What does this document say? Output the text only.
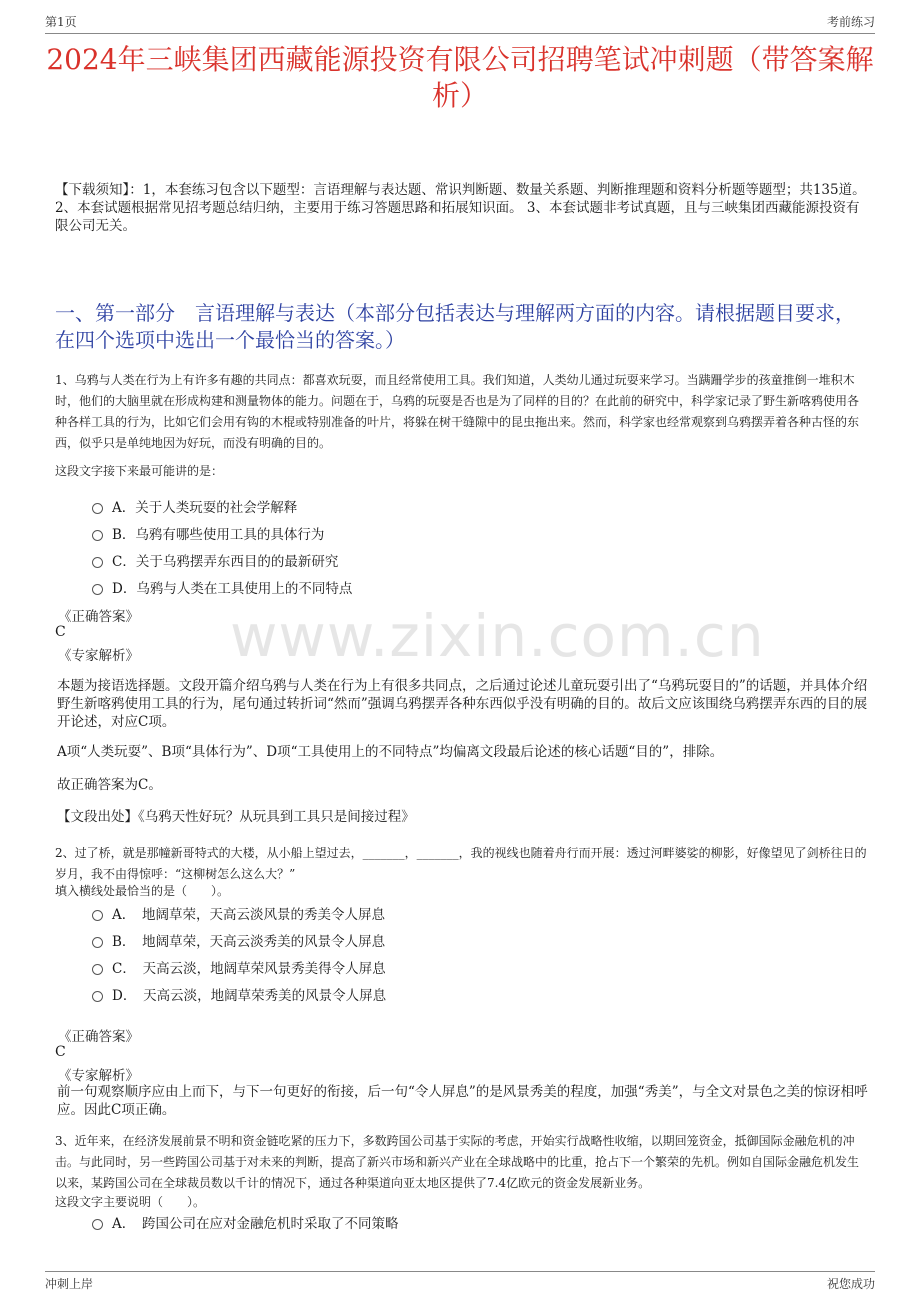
第1页	考前练习
2024年三峡集团西藏能源投资有限公司招聘笔试冲刺题（带答案解析）
【下载须知】：1，本套练习包含以下题型：言语理解与表达题、常识判断题、数量关系题、判断推理题和资料分析题等题型；共135道。 2、本套试题根据常见招考题总结归纳，主要用于练习答题思路和拓展知识面。 3、本套试题非考试真题，且与三峡集团西藏能源投资有限公司无关。
一、第一部分　言语理解与表达（本部分包括表达与理解两方面的内容。请根据题目要求，在四个选项中选出一个最恰当的答案。）
www.zixin.com.cn
1、乌鸦与人类在行为上有许多有趣的共同点：都喜欢玩耍，而且经常使用工具。我们知道，人类幼儿通过玩耍来学习。当蹒跚学步的孩童推倒一堆积木时，他们的大脑里就在形成构建和测量物体的能力。问题在于，乌鸦的玩耍是否也是为了同样的目的？在此前的研究中，科学家记录了野生新喀鸦使用各种各样工具的行为，比如它们会用有钩的木棍或特别准备的叶片，将躲在树干缝隙中的昆虫拖出来。然而，科学家也经常观察到乌鸦摆弄着各种古怪的东西，似乎只是单纯地因为好玩，而没有明确的目的。
这段文字接下来最可能讲的是：
A．关于人类玩耍的社会学解释
B．乌鸦有哪些使用工具的具体行为
C．关于乌鸦摆弄东西目的的最新研究
D．乌鸦与人类在工具使用上的不同特点
《正确答案》
C
《专家解析》
本题为接语选择题。文段开篇介绍乌鸦与人类在行为上有很多共同点，之后通过论述儿童玩耍引出了“乌鸦玩耍目的”的话题，并具体介绍野生新喀鸦使用工具的行为，尾句通过转折词“然而”强调乌鸦摆弄各种东西似乎没有明确的目的。故后文应该围绕乌鸦摆弄东西的目的展开论述，对应C项。
A项“人类玩耍”、B项“具体行为”、D项“工具使用上的不同特点”均偏离文段最后论述的核心话题“目的”，排除。
故正确答案为C。
【文段出处】《乌鸦天性好玩？从玩具到工具只是间接过程》
2、过了桥，就是那幢新哥特式的大楼，从小船上望过去，_______，_______，我的视线也随着舟行而开展：透过河畔婆娑的柳影，好像望见了剑桥往日的岁月，我不由得惊呼：“这柳树怎么这么大？”
填入横线处最恰当的是（　　）。
A．　地阔草荣，天高云淡风景的秀美令人屏息
B．　地阔草荣，天高云淡秀美的风景令人屏息
C．　天高云淡，地阔草荣风景秀美得令人屏息
D．　天高云淡，地阔草荣秀美的风景令人屏息
《正确答案》
C
《专家解析》
前一句观察顺序应由上而下，与下一句更好的衔接，后一句“令人屏息”的是风景秀美的程度，加强“秀美”，与全文对景色之美的惊讶相呼应。因此C项正确。
3、近年来，在经济发展前景不明和资金链吃紧的压力下，多数跨国公司基于实际的考虑，开始实行战略性收缩，以期回笼资金，抵御国际金融危机的冲击。与此同时，另一些跨国公司基于对未来的判断，提高了新兴市场和新兴产业在全球战略中的比重，抢占下一个繁荣的先机。例如自国际金融危机发生以来，某跨国公司在全球裁员数以千计的情况下，通过各种渠道向亚太地区提供了7.4亿欧元的资金发展新业务。
这段文字主要说明（　　）。
A．　跨国公司在应对金融危机时采取了不同策略
冲刺上岸	祝您成功
